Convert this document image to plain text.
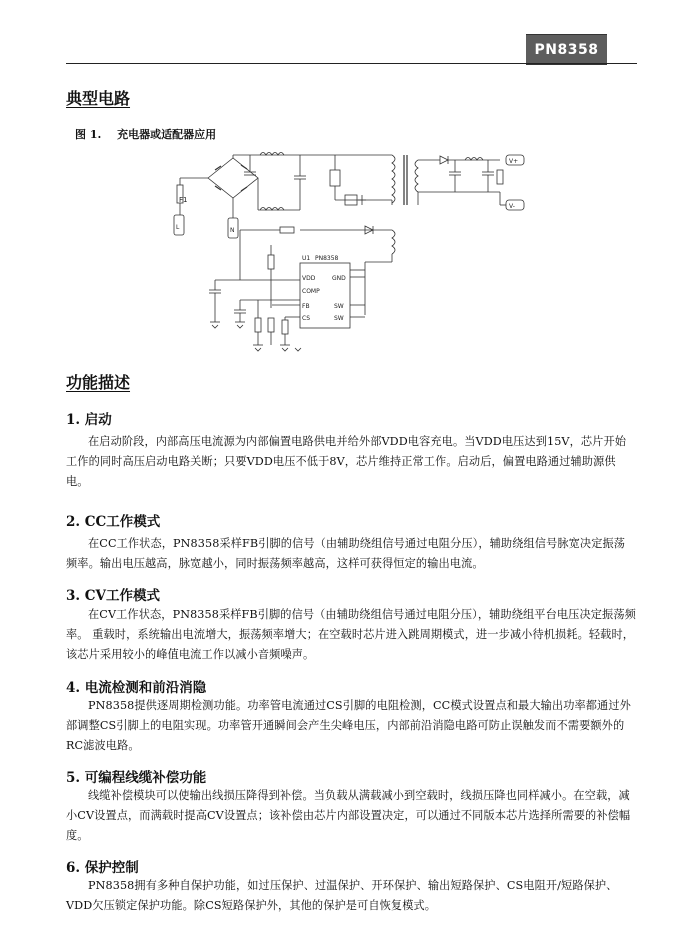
PN8358
典型电路
图 1. 充电器或适配器应用
F1
L	N
V+
V-
U1 PN8358
VDD
COMP
FB
CS
GND
SW
SW
功能描述
1. 启动

在启动阶段，内部高压电流源为内部偏置电路供电并给外部VDD电容充电。当VDD电压达到15V，芯片开始工作的同时高压启动电路关断；只要VDD电压不低于8V，芯片维持正常工作。启动后，偏置电路通过辅助源供电。

2. CC工作模式

在CC工作状态，PN8358采样FB引脚的信号（由辅助绕组信号通过电阻分压），辅助绕组信号脉宽决定振荡频率。输出电压越高，脉宽越小，同时振荡频率越高，这样可获得恒定的输出电流。

3. CV工作模式

在CV工作状态，PN8358采样FB引脚的信号（由辅助绕组信号通过电阻分压），辅助绕组平台电压决定振荡频率。 重载时，系统输出电流增大，振荡频率增大；在空载时芯片进入跳周期模式，进一步减小待机损耗。轻载时，该芯片采用较小的峰值电流工作以减小音频噪声。

4. 电流检测和前沿消隐

PN8358提供逐周期检测功能。功率管电流通过CS引脚的电阻检测，CC模式设置点和最大输出功率都通过外部调整CS引脚上的电阻实现。功率管开通瞬间会产生尖峰电压，内部前沿消隐电路可防止误触发而不需要额外的RC滤波电路。

5. 可编程线缆补偿功能

线缆补偿模块可以使输出线损压降得到补偿。当负载从满载减小到空载时，线损压降也同样减小。在空载，减小CV设置点，而满载时提高CV设置点；该补偿由芯片内部设置决定，可以通过不同版本芯片选择所需要的补偿幅度。

6. 保护控制

PN8358拥有多种自保护功能，如过压保护、过温保护、开环保护、输出短路保护、CS电阻开/短路保护、VDD欠压锁定保护功能。除CS短路保护外，其他的保护是可自恢复模式。
